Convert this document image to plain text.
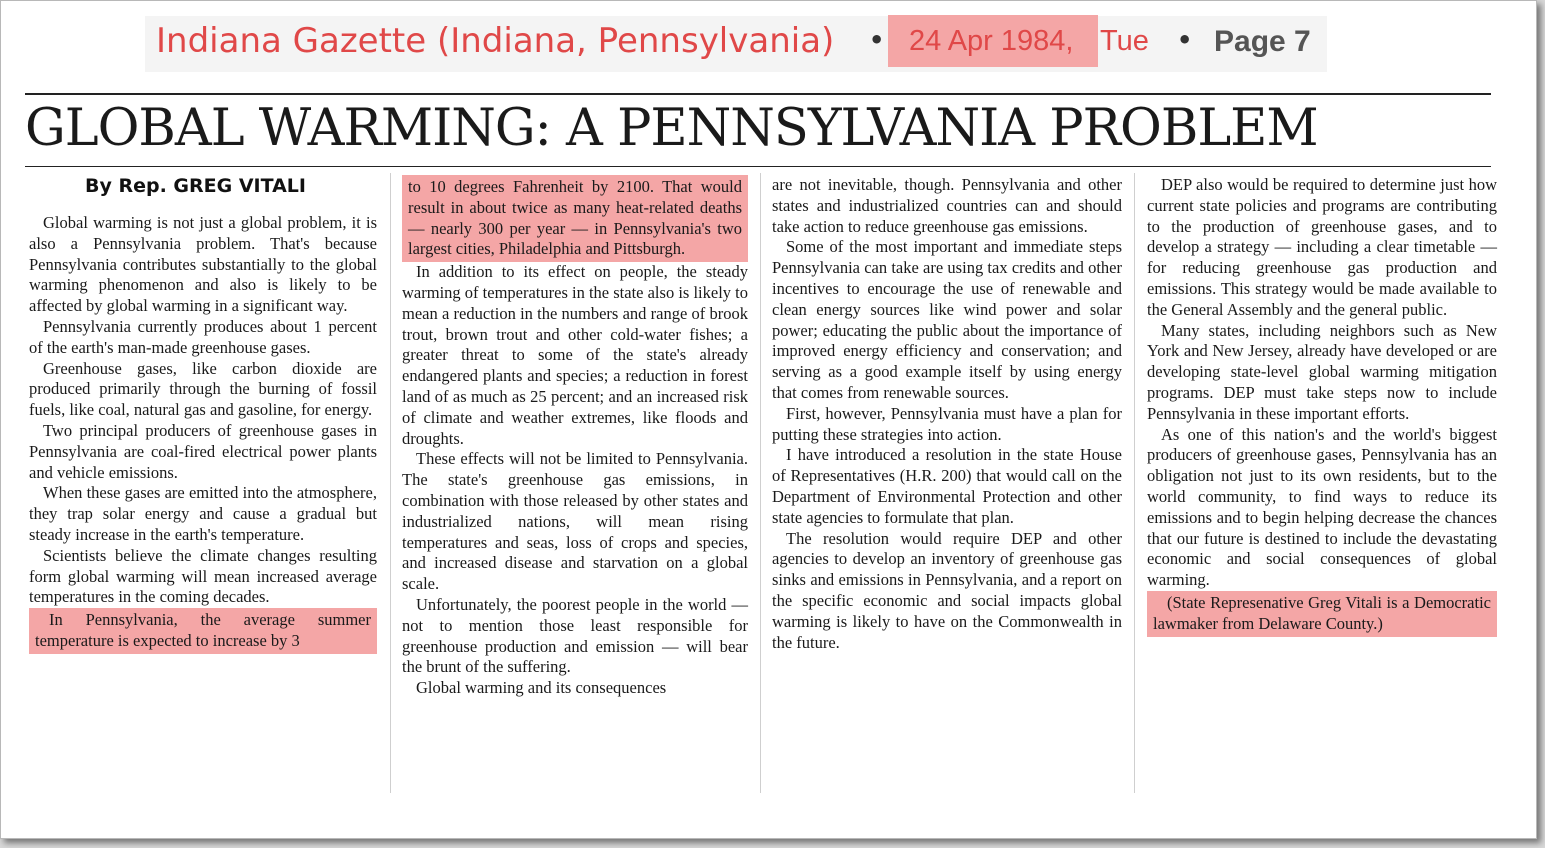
Indiana Gazette (Indiana, Pennsylvania) • 24 Apr 1984, Tue • Page 7
GLOBAL WARMING: A PENNSYLVANIA PROBLEM
By Rep. GREG VITALI

Global warming is not just a global problem, it is also a Pennsylvania problem. That's because Pennsylvania contributes substantially to the global warming phenomenon and also is likely to be affected by global warming in a significant way.

Pennsylvania currently produces about 1 percent of the earth's man-made greenhouse gases.

Greenhouse gases, like carbon dioxide are produced primarily through the burning of fossil fuels, like coal, natural gas and gasoline, for energy.

Two principal producers of greenhouse gases in Pennsylvania are coal-fired electrical power plants and vehicle emissions.

When these gases are emitted into the atmosphere, they trap solar energy and cause a gradual but steady increase in the earth's temperature.

Scientists believe the climate changes resulting form global warming will mean increased average temperatures in the coming decades.

In Pennsylvania, the average summer temperature is expected to increase by 3

to 10 degrees Fahrenheit by 2100. That would result in about twice as many heat-related deaths — nearly 300 per year — in Pennsylvania's two largest cities, Philadelphia and Pittsburgh.

In addition to its effect on people, the steady warming of temperatures in the state also is likely to mean a reduction in the numbers and range of brook trout, brown trout and other cold-water fishes; a greater threat to some of the state's already endangered plants and species; a reduction in forest land of as much as 25 percent; and an increased risk of climate and weather extremes, like floods and droughts.

These effects will not be limited to Pennsylvania. The state's greenhouse gas emissions, in combination with those released by other states and industrialized nations, will mean rising temperatures and seas, loss of crops and species, and increased disease and starvation on a global scale.

Unfortunately, the poorest people in the world — not to mention those least responsible for greenhouse production and emission — will bear the brunt of the suffering.

Global warming and its consequences

are not inevitable, though. Pennsylvania and other states and industrialized countries can and should take action to reduce greenhouse gas emissions.

Some of the most important and immediate steps Pennsylvania can take are using tax credits and other incentives to encourage the use of renewable and clean energy sources like wind power and solar power; educating the public about the importance of improved energy efficiency and conservation; and serving as a good example itself by using energy that comes from renewable sources.

First, however, Pennsylvania must have a plan for putting these strategies into action.

I have introduced a resolution in the state House of Representatives (H.R. 200) that would call on the Department of Environmental Protection and other state agencies to formulate that plan.

The resolution would require DEP and other agencies to develop an inventory of greenhouse gas sinks and emissions in Pennsylvania, and a report on the specific economic and social impacts global warming is likely to have on the Commonwealth in the future.

DEP also would be required to determine just how current state policies and programs are contributing to the production of greenhouse gases, and to develop a strategy — including a clear timetable — for reducing greenhouse gas production and emissions. This strategy would be made available to the General Assembly and the general public.

Many states, including neighbors such as New York and New Jersey, already have developed or are developing state-level global warming mitigation programs. DEP must take steps now to include Pennsylvania in these important efforts.

As one of this nation's and the world's biggest producers of greenhouse gases, Pennsylvania has an obligation not just to its own residents, but to the world community, to find ways to reduce its emissions and to begin helping decrease the chances that our future is destined to include the devastating economic and social consequences of global warming.

(State Represenative Greg Vitali is a Democratic lawmaker from Delaware County.)
